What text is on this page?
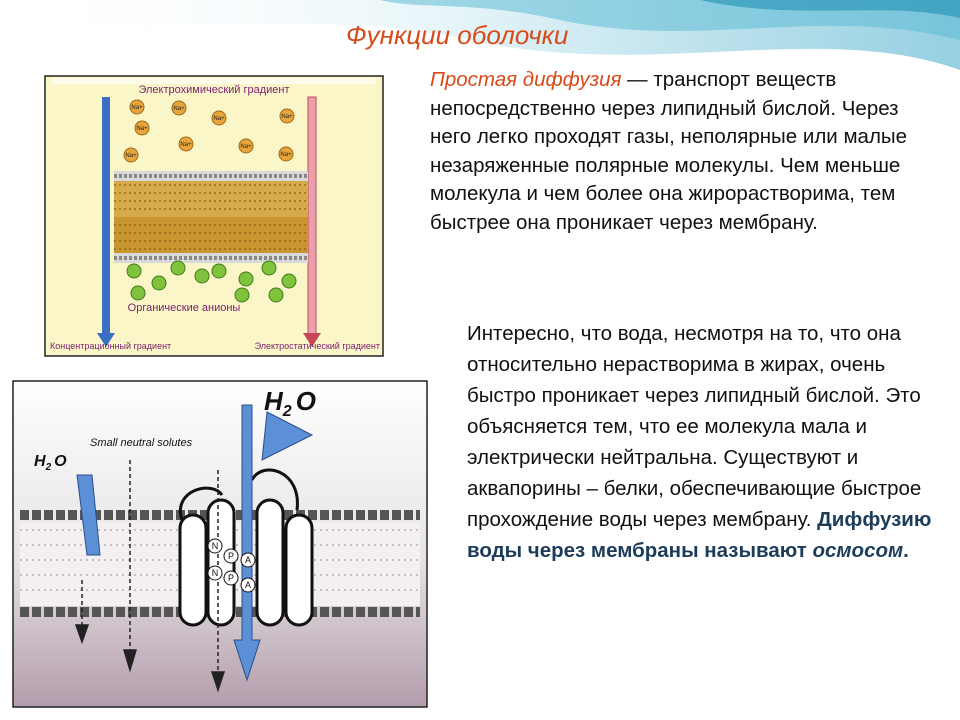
Функции оболочки
Простая диффузия — транспорт веществ непосредственно через липидный бислой. Через него легко проходят газы, неполярные или малые незаряженные полярные молекулы. Чем меньше молекула и чем более она жирорастворима, тем быстрее она проникает через мембрану.
Интересно, что вода, несмотря на то, что она относительно нерастворима в жирах, очень быстро проникает через липидный бислой. Это объясняется тем, что ее молекула мала и электрически нейтральна. Существуют и аквапорины – белки, обеспечивающие быстрое прохождение воды через мембрану. Диффузию воды через мембраны называют осмосом.
Электрохимический градиент
Na+	Na+
Na+	Na+
Na+
Na+	Na+
Na+	Na+
Органические анионы
Концентрационный градиент	Электростатический градиент
N
P A
N P
A
$H_2$ O
$H_2$ O
Small neutral solutes
